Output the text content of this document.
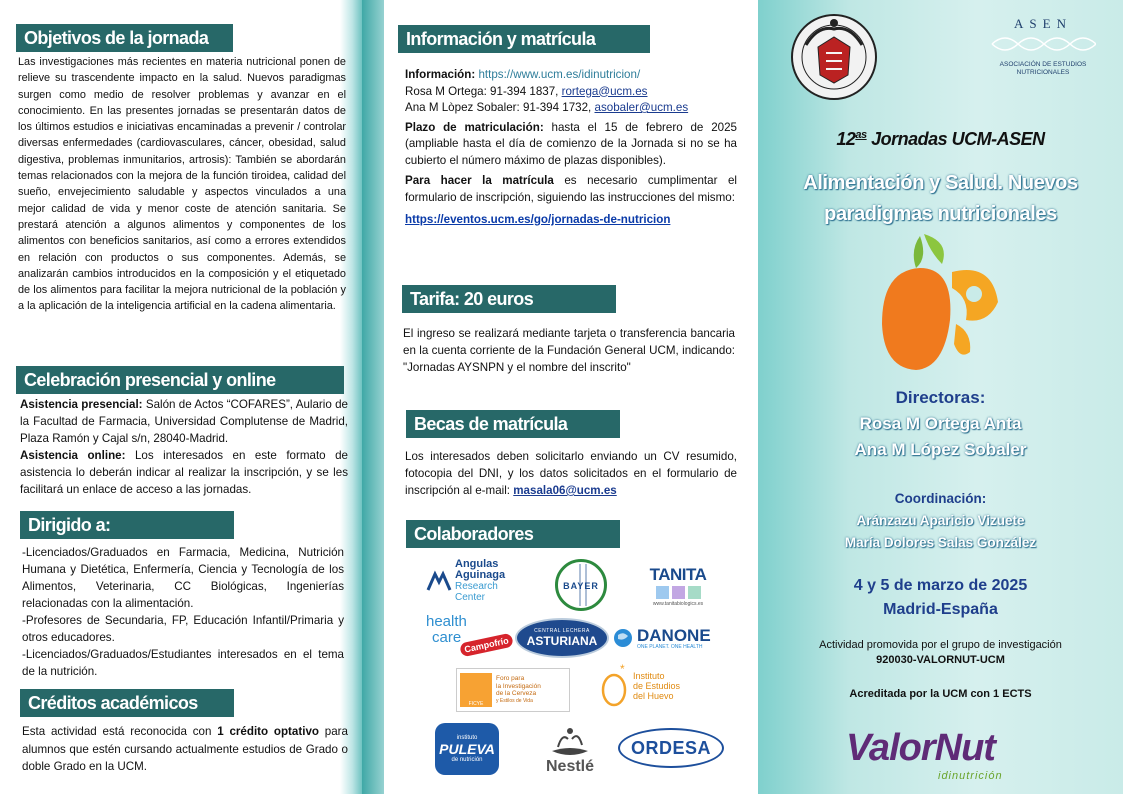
Objetivos de la jornada
Las investigaciones más recientes en materia nutricional ponen de relieve su trascendente impacto en la salud. Nuevos paradigmas surgen como medio de resolver problemas y avanzar en el conocimiento. En las presentes jornadas se presentarán datos de los últimos estudios e iniciativas encaminadas a prevenir / controlar diversas enfermedades (cardiovasculares, cáncer, obesidad, salud digestiva, problemas inmunitarios, artrosis): También se abordarán temas relacionados con la mejora de la función tiroidea, calidad del sueño, envejecimiento saludable y aspectos vinculados a una mejor calidad de vida y menor coste de atención sanitaria. Se prestará atención a algunos alimentos y componentes de los alimentos con beneficios sanitarios, así como a errores extendidos en relación con productos o sus componentes. Además, se analizarán cambios introducidos en la composición y el etiquetado de los alimentos para facilitar la mejora nutricional de la población y a la aplicación de la inteligencia artificial en la cadena alimentaria.
Celebración presencial y online

Asistencia presencial: Salón de Actos “COFARES”, Aulario de la Facultad de Farmacia, Universidad Complutense de Madrid, Plaza Ramón y Cajal s/n, 28040-Madrid.

Asistencia online: Los interesados en este formato de asistencia lo deberán indicar al realizar la inscripción, y se les facilitará un enlace de acceso a las jornadas.

Dirigido a:

-Licenciados/Graduados en Farmacia, Medicina, Nutrición Humana y Dietética, Enfermería, Ciencia y Tecnología de los Alimentos, Veterinaria, CC Biológicas, Ingenierías relacionadas con la alimentación.

-Profesores de Secundaria, FP, Educación Infantil/Primaria y otros educadores.

-Licenciados/Graduados/Estudiantes interesados en el tema de la nutrición.

Créditos académicos
Esta actividad está reconocida con 1 crédito optativo para alumnos que estén cursando actualmente estudios de Grado o doble Grado en la UCM.
Información y matrícula

Información: https://www.ucm.es/idinutricion/

Rosa M Ortega: 91-394 1837, rortega@ucm.es

Ana M Lòpez Sobaler: 91-394 1732, asobaler@ucm.es

Plazo de matriculación: hasta el 15 de febrero de 2025 (ampliable hasta el día de comienzo de la Jornada si no se ha cubierto el número máximo de plazas disponibles).

Para hacer la matrícula es necesario cumplimentar el formulario de inscripción, siguiendo las instrucciones del mismo:

https://eventos.ucm.es/go/jornadas-de-nutricion

Tarifa: 20 euros
El ingreso se realizará mediante tarjeta o transferencia bancaria en la cuenta corriente de la Fundación General UCM, indicando: "Jornadas AYSNPN y el nombre del inscrito"
Becas de matrícula
Los interesados deben solicitarlo enviando un CV resumido, fotocopia del DNI, y los datos solicitados en el formulario de inscripción al e-mail: masala06@ucm.es
Colaboradores
Angulas
Aguinaga
Research
Center
BAYER
TANITA
www.tanitabiologics.es
health
care Campofrío
CENTRAL LECHERA
ASTURIANA DANONE
ONE PLANET. ONE HEALTH
FICYE
Foro para
la Investigación
de la Cerveza
y Estilos de Vida
* Instituto
de Estudios
del Huevo
instituto
PULEVA
de nutrición	Nestlé
ORDESA
ASEN
ASOCIACIÓN DE ESTUDIOS
NUTRICIONALES
$12^{as}$ Jornadas UCM-ASEN
Alimentación y Salud. Nuevos
paradigmas nutricionales
Directoras:
Rosa M Ortega Anta
Ana M López Sobaler
Coordinación:
Aránzazu Aparicio Vizuete
María Dolores Salas González
4 y 5 de marzo de 2025
Madrid-España
Actividad promovida por el grupo de investigación
920030-VALORNUT-UCM
Acreditada por la UCM con 1 ECTS
ValorNut
idinutrición
